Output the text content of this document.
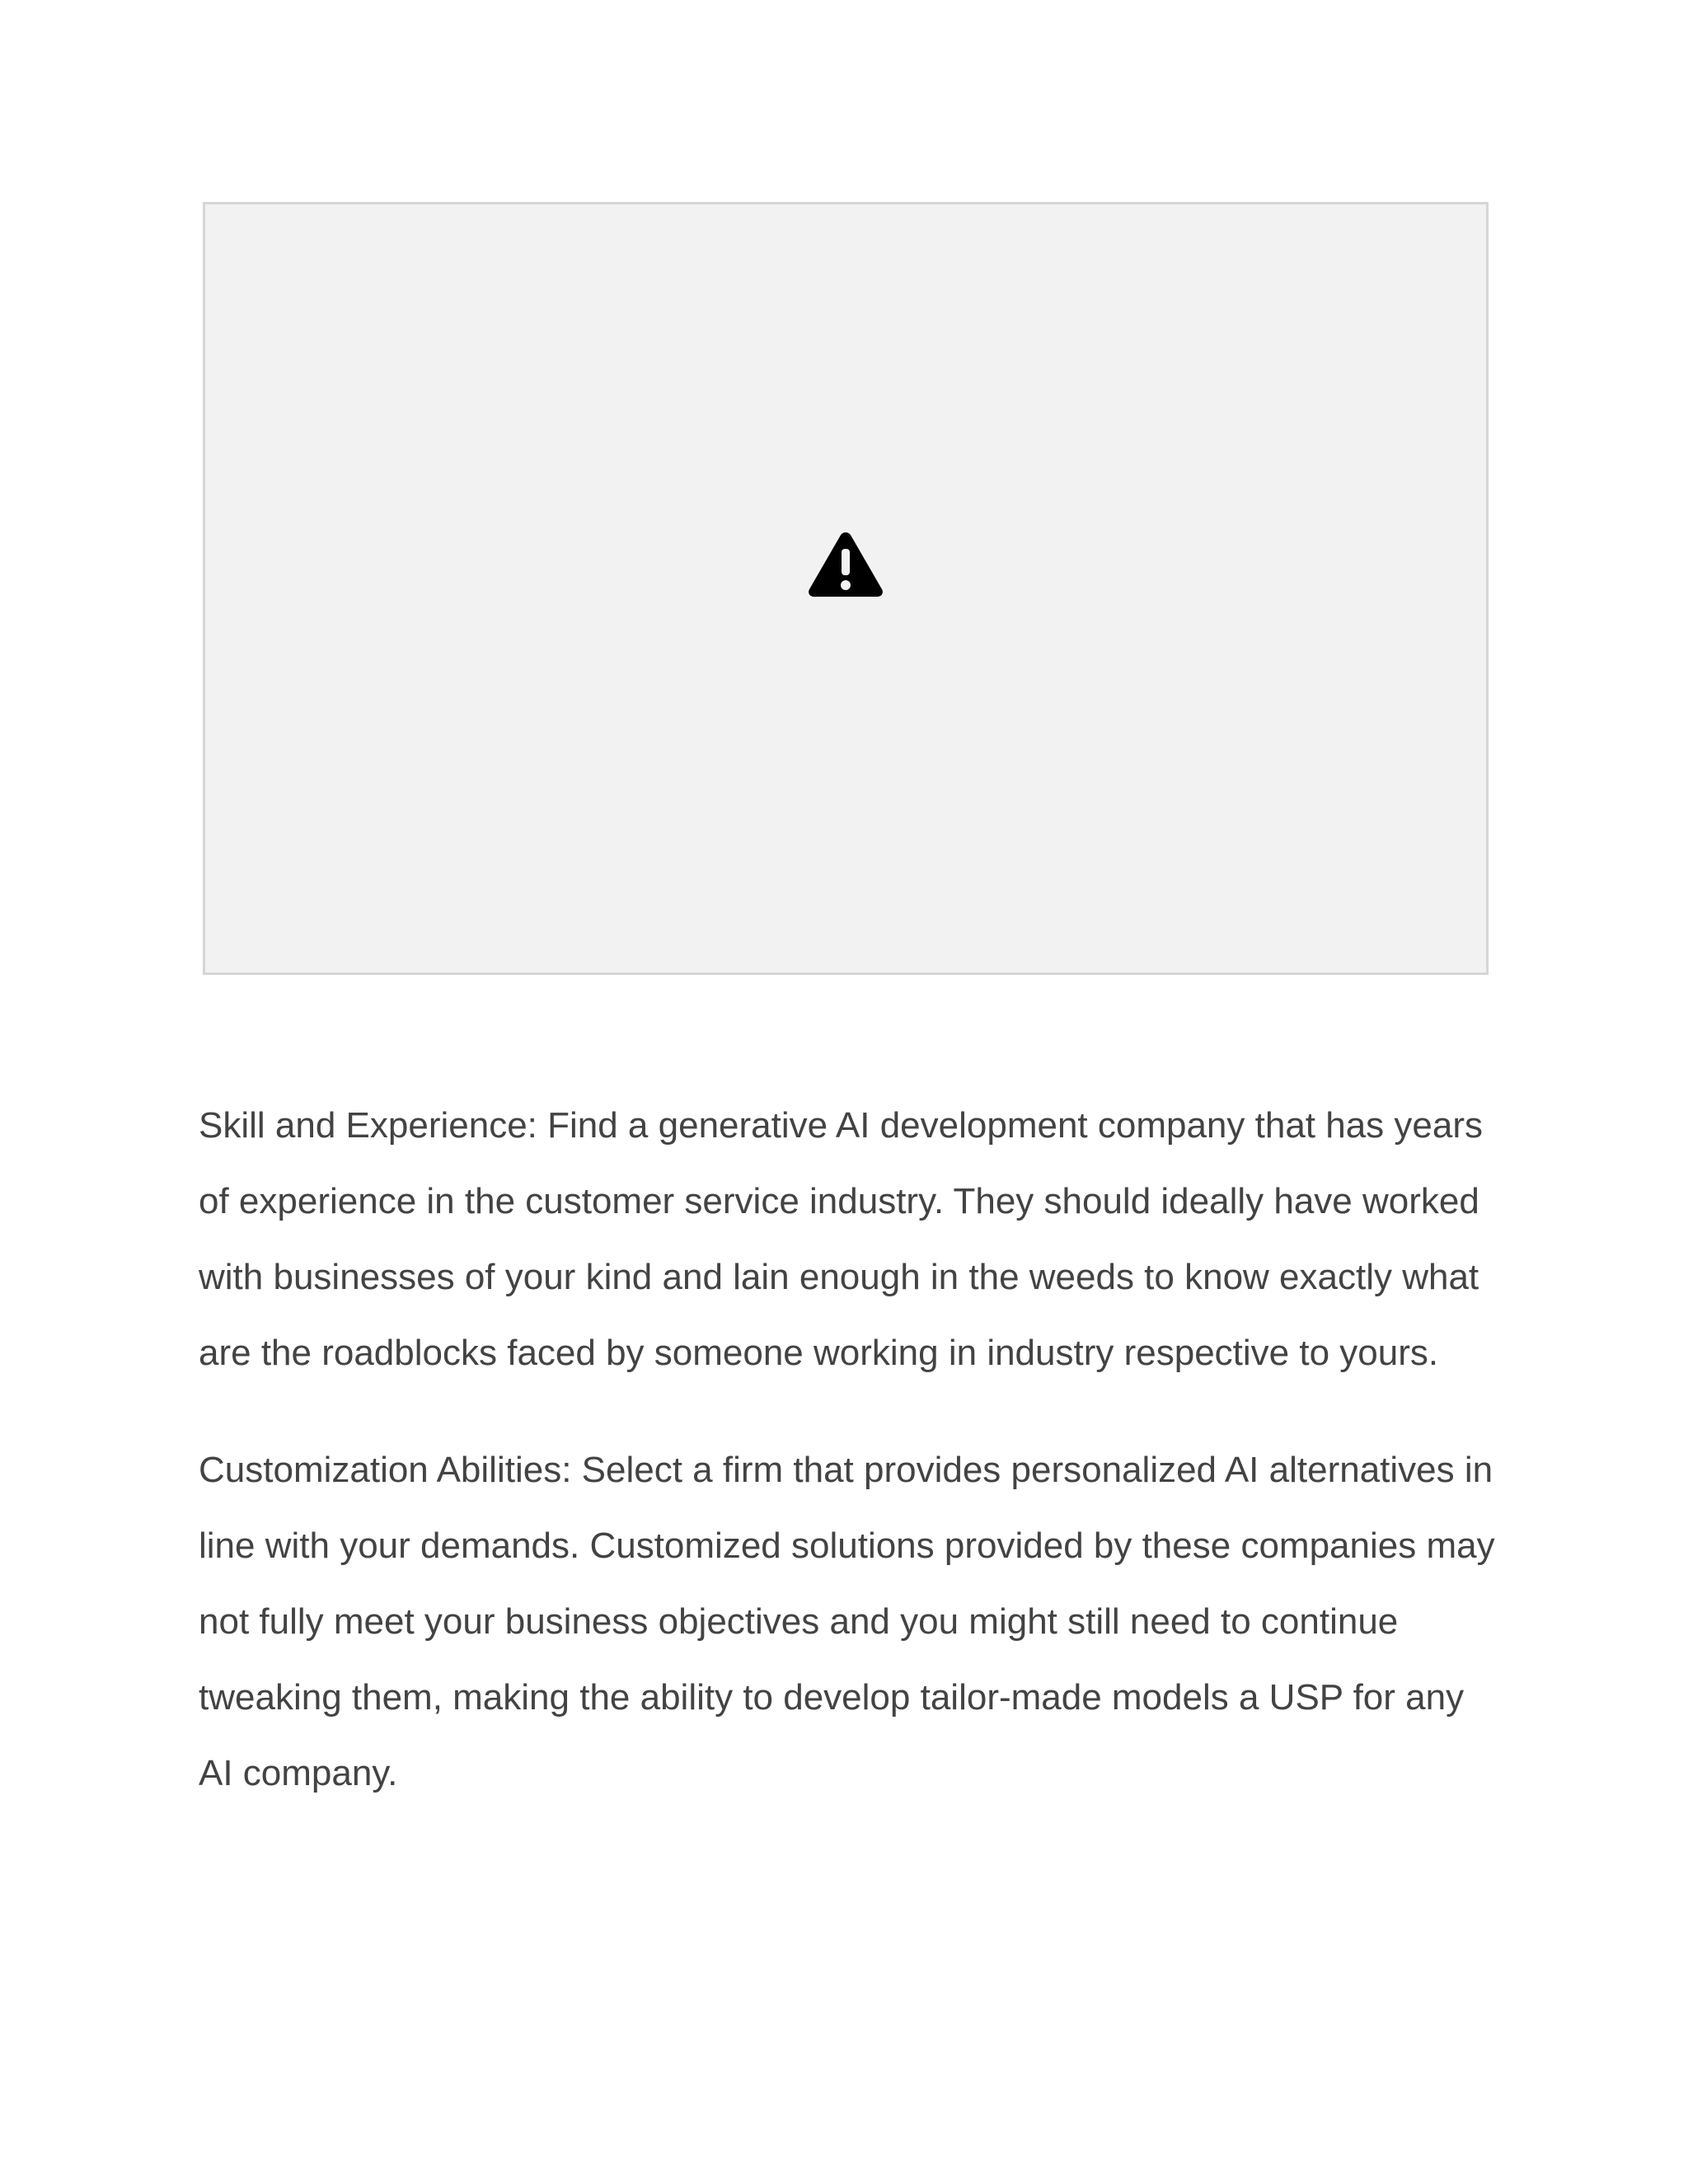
Skill and Experience: Find a generative AI development company that has years of experience in the customer service industry. They should ideally have worked with businesses of your kind and lain enough in the weeds to know exactly what are the roadblocks faced by someone working in industry respective to yours.

Customization Abilities: Select a firm that provides personalized AI alternatives in line with your demands. Customized solutions provided by these companies may not fully meet your business objectives and you might still need to continue tweaking them, making the ability to develop tailor-made models a USP for any AI company.
